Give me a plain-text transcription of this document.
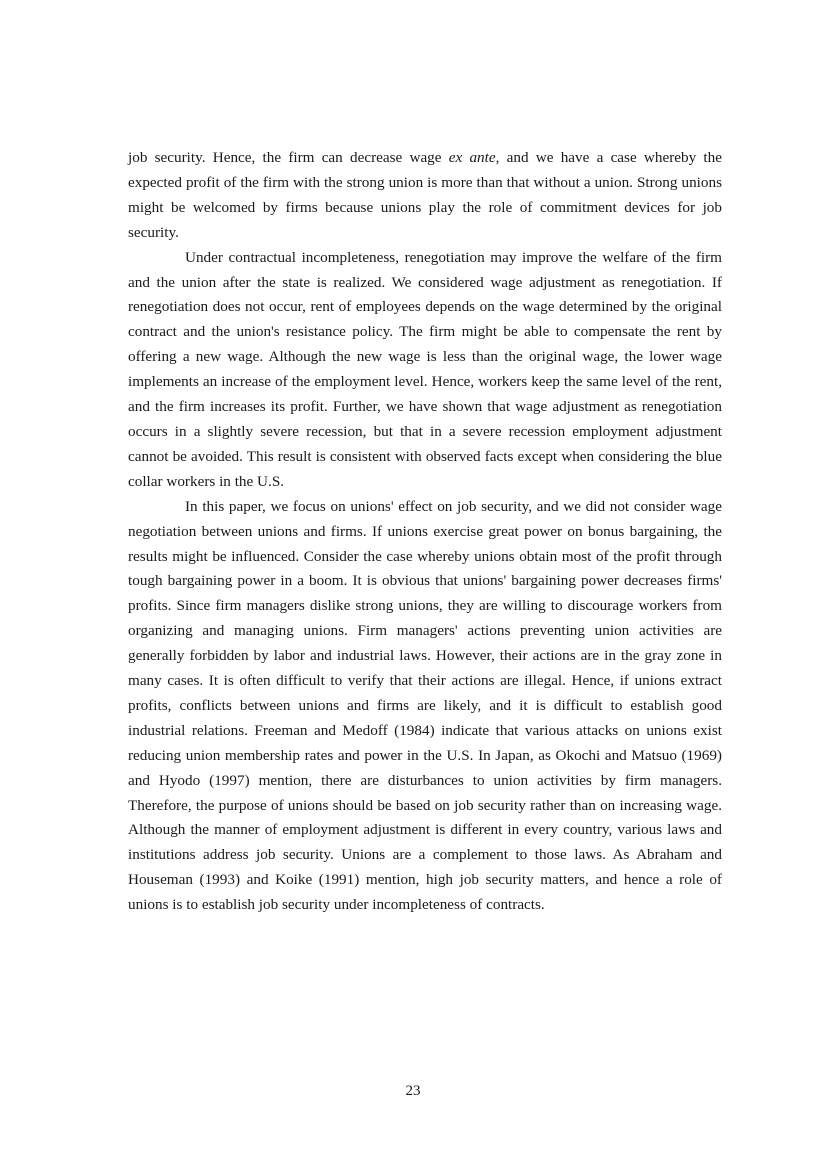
job security. Hence, the firm can decrease wage ex ante, and we have a case whereby the expected profit of the firm with the strong union is more than that without a union. Strong unions might be welcomed by firms because unions play the role of commitment devices for job security.

Under contractual incompleteness, renegotiation may improve the welfare of the firm and the union after the state is realized. We considered wage adjustment as renegotiation. If renegotiation does not occur, rent of employees depends on the wage determined by the original contract and the union's resistance policy. The firm might be able to compensate the rent by offering a new wage. Although the new wage is less than the original wage, the lower wage implements an increase of the employment level. Hence, workers keep the same level of the rent, and the firm increases its profit. Further, we have shown that wage adjustment as renegotiation occurs in a slightly severe recession, but that in a severe recession employment adjustment cannot be avoided. This result is consistent with observed facts except when considering the blue collar workers in the U.S.

In this paper, we focus on unions' effect on job security, and we did not consider wage negotiation between unions and firms. If unions exercise great power on bonus bargaining, the results might be influenced. Consider the case whereby unions obtain most of the profit through tough bargaining power in a boom. It is obvious that unions' bargaining power decreases firms' profits. Since firm managers dislike strong unions, they are willing to discourage workers from organizing and managing unions. Firm managers' actions preventing union activities are generally forbidden by labor and industrial laws. However, their actions are in the gray zone in many cases. It is often difficult to verify that their actions are illegal. Hence, if unions extract profits, conflicts between unions and firms are likely, and it is difficult to establish good industrial relations. Freeman and Medoff (1984) indicate that various attacks on unions exist reducing union membership rates and power in the U.S. In Japan, as Okochi and Matsuo (1969) and Hyodo (1997) mention, there are disturbances to union activities by firm managers. Therefore, the purpose of unions should be based on job security rather than on increasing wage. Although the manner of employment adjustment is different in every country, various laws and institutions address job security. Unions are a complement to those laws. As Abraham and Houseman (1993) and Koike (1991) mention, high job security matters, and hence a role of unions is to establish job security under incompleteness of contracts.

23
